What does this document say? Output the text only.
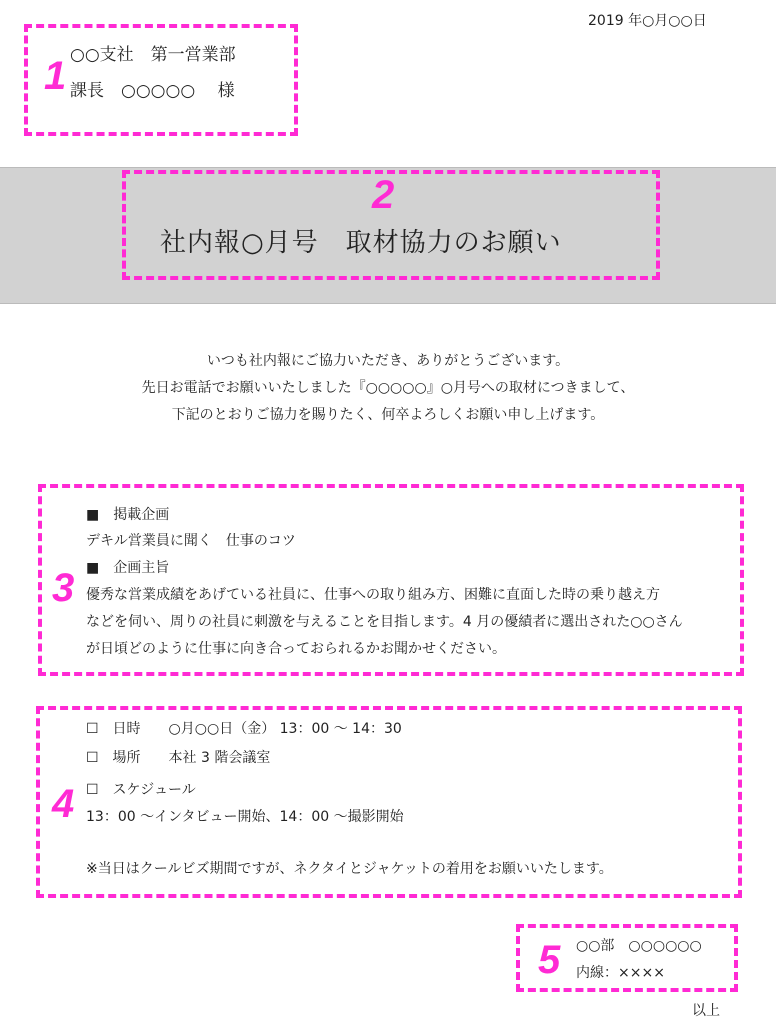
2019 年○月○○日
1 ○○支社　第一営業部
課長　○○○○○　 様
2
社内報○月号　取材協力のお願い
いつも社内報にご協力いただき、ありがとうございます。
先日お電話でお願いいたしました『○○○○○』○月号への取材につきまして、
下記のとおりご協力を賜りたく、何卒よろしくお願い申し上げます。
3
■　掲載企画
デキル営業員に聞く　仕事のコツ
■　企画主旨
優秀な営業成績をあげている社員に、仕事への取り組み方、困難に直面した時の乗り越え方
などを伺い、周りの社員に刺激を与えることを目指します。4 月の優績者に選出された○○さん
が日頃どのように仕事に向き合っておられるかお聞かせください。
4
☐　日時　　○月○○日（金） 13：00 〜 14：30
☐　場所　　本社 3 階会議室
☐　スケジュール
13：00 〜インタビュー開始、14：00 〜撮影開始
※当日はクールビズ期間ですが、ネクタイとジャケットの着用をお願いいたします。
5 ○○部　○○○○○○
内線：××××
以上
